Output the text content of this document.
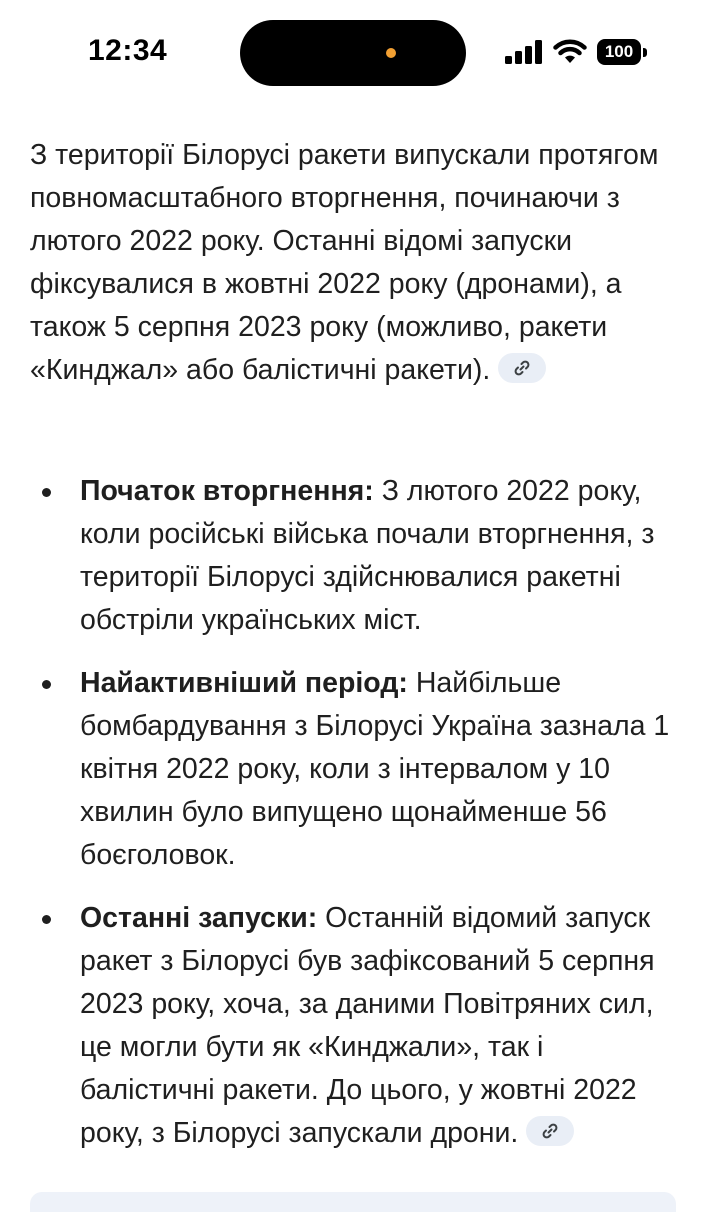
12:34	100

З території Білорусі ракети випускали протягом повномасштабного вторгнення, починаючи з лютого 2022 року. Останні відомі запуски фіксувалися в жовтні 2022 року (дронами), а також 5 серпня 2023 року (можливо, ракети «Кинджал» або балістичні ракети).

Початок вторгнення: З лютого 2022 року, коли російські війська почали вторгнення, з території Білорусі здійснювалися ракетні обстріли українських міст.
Найактивніший період: Найбільше бомбардування з Білорусі Україна зазнала 1 квітня 2022 року, коли з інтервалом у 10 хвилин було випущено щонайменше 56 боєголовок.
Останні запуски: Останній відомий запуск ракет з Білорусі був зафіксований 5 серпня 2023 року, хоча, за даними Повітряних сил, це могли бути як «Кинджали», так і балістичні ракети. До цього, у жовтні 2022 року, з Білорусі запускали дрони.
